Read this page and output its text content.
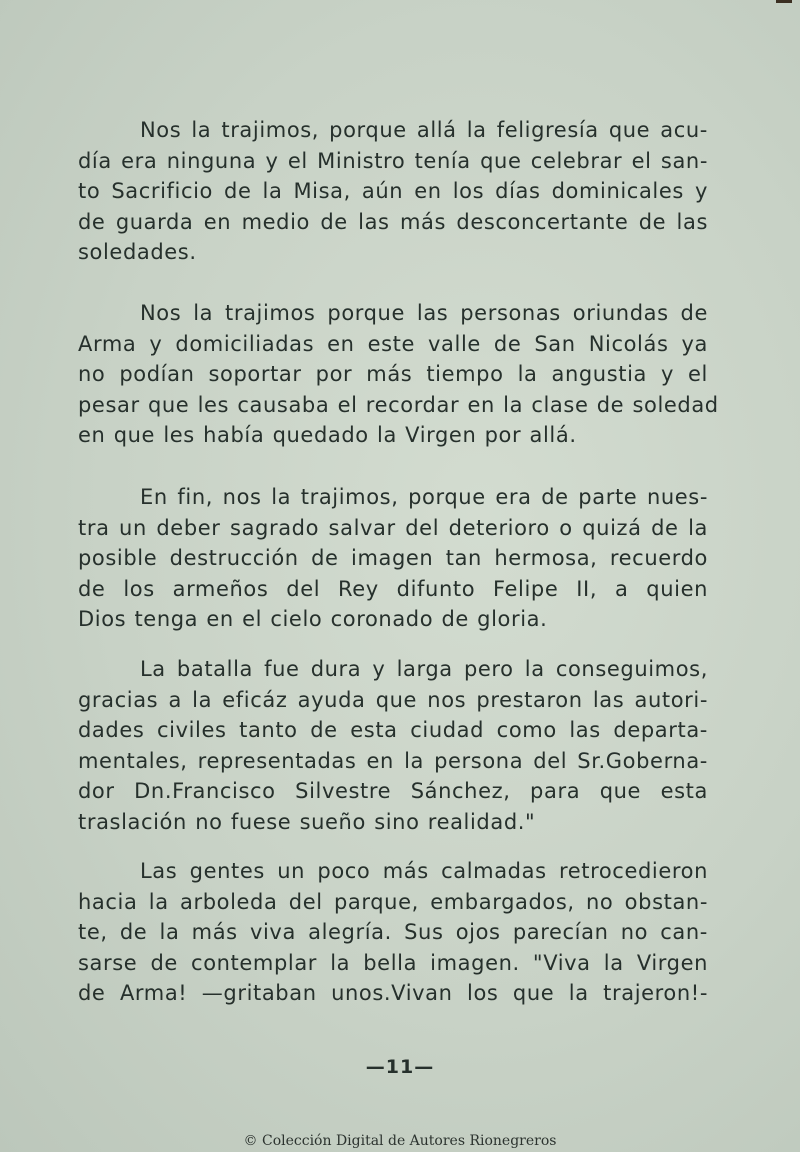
Nos la trajimos, porque allá la feligresía que acu-
día era ninguna y el Ministro tenía que celebrar el san-
to Sacrificio de la Misa, aún en los días dominicales y
de guarda en medio de las más desconcertante de las
soledades.

Nos la trajimos porque las personas oriundas de
Arma y domiciliadas en este valle de San Nicolás ya
no podían soportar por más tiempo la angustia y el
pesar que les causaba el recordar en la clase de soledad
en que les había quedado la Virgen por allá.

En fin, nos la trajimos, porque era de parte nues-
tra un deber sagrado salvar del deterioro o quizá de la
posible destrucción de imagen tan hermosa, recuerdo
de los armeños del Rey difunto Felipe II, a quien
Dios tenga en el cielo coronado de gloria.

La batalla fue dura y larga pero la conseguimos,
gracias a la eficáz ayuda que nos prestaron las autori-
dades civiles tanto de esta ciudad como las departa-
mentales, representadas en la persona del Sr.Goberna-
dor Dn.Francisco Silvestre Sánchez, para que esta
traslación no fuese sueño sino realidad."

Las gentes un poco más calmadas retrocedieron
hacia la arboleda del parque, embargados, no obstan-
te, de la más viva alegría. Sus ojos parecían no can-
sarse de contemplar la bella imagen. "Viva la Virgen
de Arma! —gritaban unos.Vivan los que la trajeron!-

—11—
© Colección Digital de Autores Rionegreros
